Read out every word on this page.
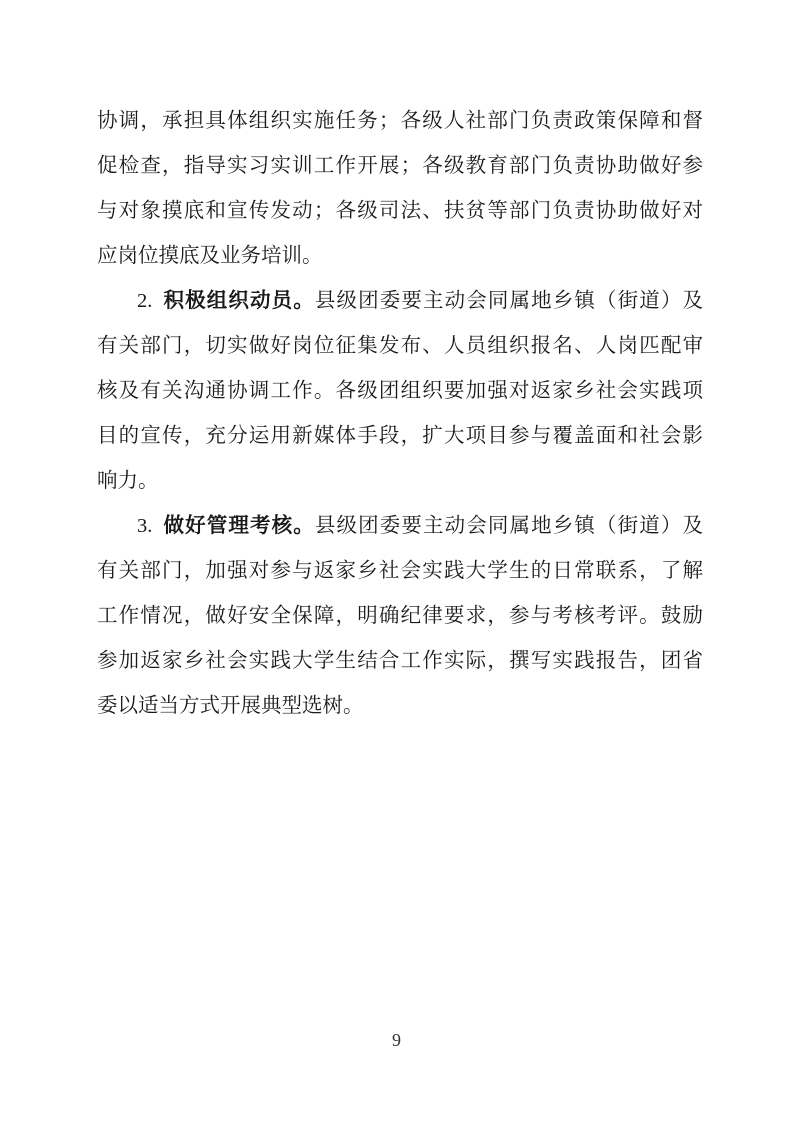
协调，承担具体组织实施任务；各级人社部门负责政策保障和督
促检查，指导实习实训工作开展；各级教育部门负责协助做好参
与对象摸底和宣传发动；各级司法、扶贫等部门负责协助做好对
应岗位摸底及业务培训。
2. 积极组织动员。县级团委要主动会同属地乡镇（街道）及
有关部门，切实做好岗位征集发布、人员组织报名、人岗匹配审
核及有关沟通协调工作。各级团组织要加强对返家乡社会实践项
目的宣传，充分运用新媒体手段，扩大项目参与覆盖面和社会影
响力。
3. 做好管理考核。县级团委要主动会同属地乡镇（街道）及
有关部门，加强对参与返家乡社会实践大学生的日常联系，了解
工作情况，做好安全保障，明确纪律要求，参与考核考评。鼓励
参加返家乡社会实践大学生结合工作实际，撰写实践报告，团省
委以适当方式开展典型选树。
9
